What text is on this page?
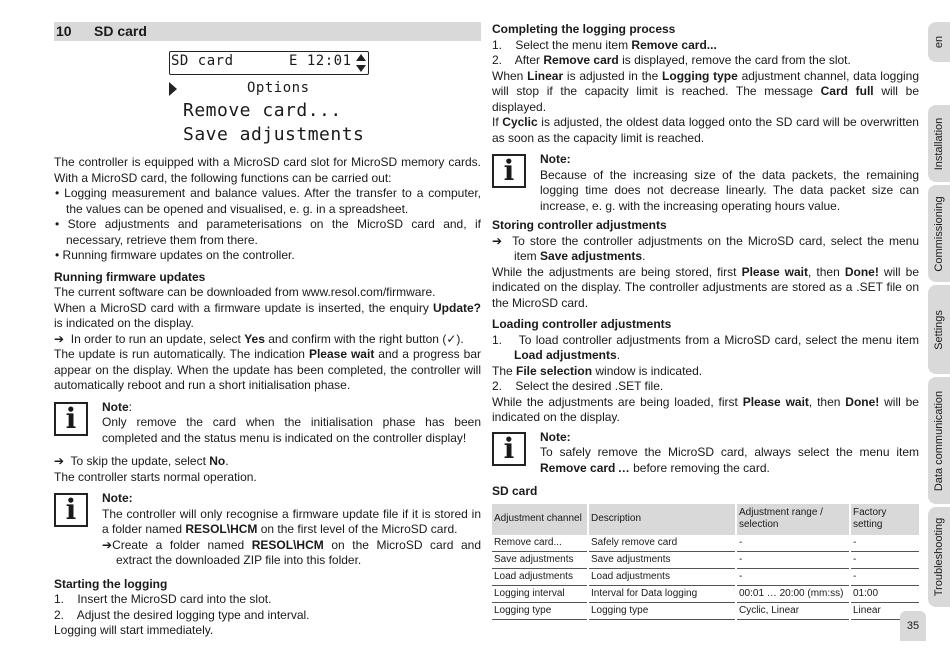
10 SD card
SD card	E 12:01
Options
Remove card...
Save adjustments

The controller is equipped with a MicroSD card slot for MicroSD memory cards. With a MicroSD card, the following functions can be carried out:

• Logging measurement and balance values. After the transfer to a computer, the values can be opened and visualised, e. g. in a spreadsheet.

• Store adjustments and parameterisations on the MicroSD card and, if necessary, retrieve them from there.

• Running firmware updates on the controller.

Running firmware updates

The current software can be downloaded from www.resol.com/firmware.

When a MicroSD card with a firmware update is inserted, the enquiry Update? is indicated on the display.

➔ In order to run an update, select Yes and confirm with the right button (✓).

The update is run automatically. The indication Please wait and a progress bar appear on the display. When the update has been completed, the controller will automatically reboot and run a short initialisation phase.

i	Note:

Only remove the card when the initialisation phase has been completed and the status menu is indicated on the controller display!

➔ To skip the update, select No.

The controller starts normal operation.

i	Note:

The controller will only recognise a firmware update file if it is stored in a folder named RESOL\HCM on the first level of the MicroSD card.

➔Create a folder named RESOL\HCM on the MicroSD card and extract the downloaded ZIP file into this folder.

Starting the logging

1.    Insert the MicroSD card into the slot.

2.    Adjust the desired logging type and interval.

Logging will start immediately.

Completing the logging process

1.    Select the menu item Remove card...

2.    After Remove card is displayed, remove the card from the slot.

When Linear is adjusted in the Logging type adjustment channel, data logging will stop if the capacity limit is reached. The message Card full will be displayed.

If Cyclic is adjusted, the oldest data logged onto the SD card will be overwritten as soon as the capacity limit is reached.

i	Note:

Because of the increasing size of the data packets, the remaining logging time does not decrease linearly. The data packet size can increase, e. g. with the increasing operating hours value.

Storing controller adjustments

➔ To store the controller adjustments on the MicroSD card, select the menu item Save adjustments.

While the adjustments are being stored, first Please wait, then Done! will be indicated on the display. The controller adjustments are stored as a .SET file on the MicroSD card.

Loading controller adjustments

1.    To load controller adjustments from a MicroSD card, select the menu item Load adjustments.

The File selection window is indicated.

2.    Select the desired .SET file.

While the adjustments are being loaded, first Please wait, then Done! will be indicated on the display.

i	Note:

To safely remove the MicroSD card, always select the menu item Remove card … before removing the card.

SD card
Adjustment channel	Description	Adjustment range / selection	Factory setting
Remove card...	Safely remove card	-	-
Save adjustments	Save adjustments	-	-
Load adjustments	Load adjustments	-	-
Logging interval	Interval for Data logging	00:01 … 20:00 (mm:ss)	01:00
Logging type	Logging type	Cyclic, Linear	Linear
en
Installation
Commissioning
Settings
Data communication
Troubleshooting
35
